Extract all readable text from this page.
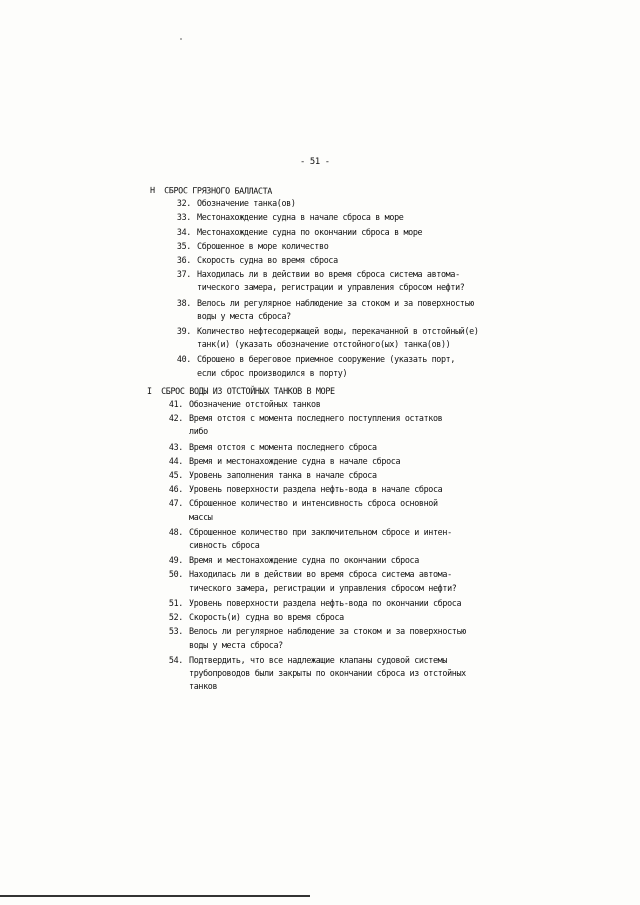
- 51 -
H СБРОС ГРЯЗНОГО БАЛЛАСТА
32. Обозначение танка(ов)
33. Местонахождение судна в начале сброса в море
34. Местонахождение судна по окончании сброса в море
35. Сброшенное в море количество
36. Скорость судна во время сброса
37. Находилась ли в действии во время сброса система автома-
тического замера, регистрации и управления сбросом нефти?
38. Велось ли регулярное наблюдение за стоком и за поверхностью
воды у места сброса?
39. Количество нефтесодержащей воды, перекачанной в отстойный(е)
танк(и) (указать обозначение отстойного(ых) танка(ов))
40. Сброшено в береговое приемное сооружение (указать порт,
если сброс производился в порту)
I СБРОС ВОДЫ ИЗ ОТСТОЙНЫХ ТАНКОВ В МОРЕ
41. Обозначение отстойных танков
42. Время отстоя с момента последнего поступления остатков
либо
43. Время отстоя с момента последнего сброса
44. Время и местонахождение судна в начале сброса
45. Уровень заполнения танка в начале сброса
46. Уровень поверхности раздела нефть-вода в начале сброса
47. Сброшенное количество и интенсивность сброса основной
массы
48. Сброшенное количество при заключительном сбросе и интен-
сивность сброса
49. Время и местонахождение судна по окончании сброса
50. Находилась ли в действии во время сброса система автома-
тического замера, регистрации и управления сбросом нефти?
51. Уровень поверхности раздела нефть-вода по окончании сброса
52. Скорость(и) судна во время сброса
53. Велось ли регулярное наблюдение за стоком и за поверхностью
воды у места сброса?
54. Подтвердить, что все надлежащие клапаны судовой системы
трубопроводов были закрыты по окончании сброса из отстойных
танков
